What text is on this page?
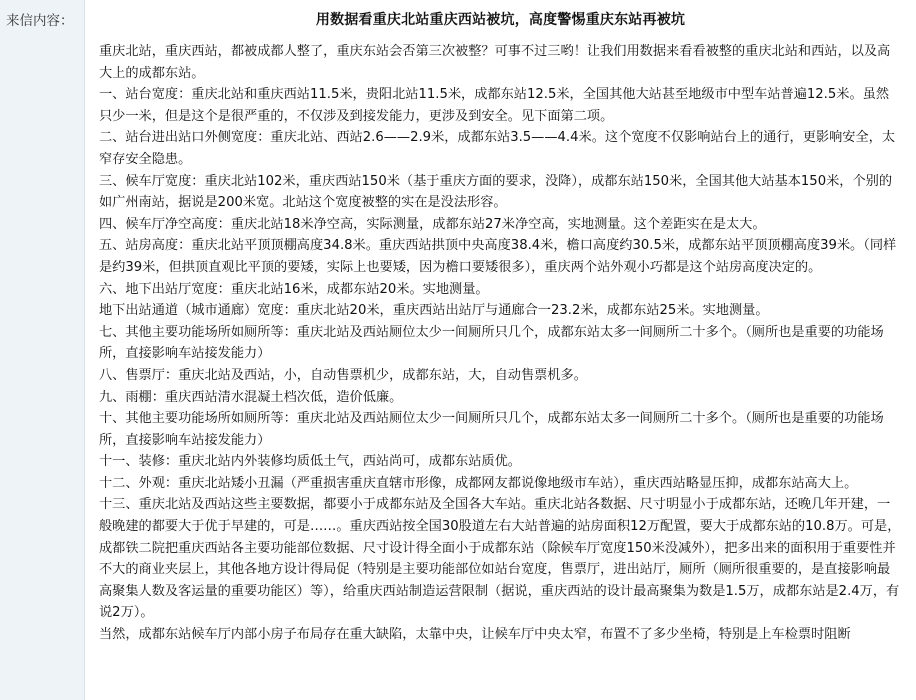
来信内容：	用数据看重庆北站重庆西站被坑，高度警惕重庆东站再被坑

重庆北站，重庆西站，都被成都人整了，重庆东站会否第三次被整？可事不过三哟！让我们用数据来看看被整的重庆北站和西站，以及高大上的成都东站。

一、站台宽度：重庆北站和重庆西站11.5米，贵阳北站11.5米，成都东站12.5米，全国其他大站甚至地级市中型车站普遍12.5米。虽然只少一米，但是这个是很严重的，不仅涉及到接发能力，更涉及到安全。见下面第二项。

二、站台进出站口外侧宽度：重庆北站、西站2.6——2.9米，成都东站3.5——4.4米。这个宽度不仅影响站台上的通行，更影响安全，太窄存安全隐患。

三、候车厅宽度：重庆北站102米，重庆西站150米（基于重庆方面的要求，没降），成都东站150米，全国其他大站基本150米，个别的如广州南站，据说是200米宽。北站这个宽度被整的实在是没法形容。

四、候车厅净空高度：重庆北站18米净空高，实际测量，成都东站27米净空高，实地测量。这个差距实在是太大。

五、站房高度：重庆北站平顶顶棚高度34.8米。重庆西站拱顶中央高度38.4米，檐口高度约30.5米，成都东站平顶顶棚高度39米。（同样是约39米，但拱顶直观比平顶的要矮，实际上也要矮，因为檐口要矮很多），重庆两个站外观小巧都是这个站房高度决定的。

六、地下出站厅宽度：重庆北站16米，成都东站20米。实地测量。

地下出站通道（城市通廊）宽度：重庆北站20米，重庆西站出站厅与通廊合一23.2米，成都东站25米。实地测量。

七、其他主要功能场所如厕所等：重庆北站及西站厕位太少一间厕所只几个，成都东站太多一间厕所二十多个。（厕所也是重要的功能场所，直接影响车站接发能力）

八、售票厅：重庆北站及西站，小，自动售票机少，成都东站，大，自动售票机多。

九、雨棚：重庆西站清水混凝土档次低，造价低廉。

十、其他主要功能场所如厕所等：重庆北站及西站厕位太少一间厕所只几个，成都东站太多一间厕所二十多个。（厕所也是重要的功能场所，直接影响车站接发能力）

十一、装修：重庆北站内外装修均质低土气，西站尚可，成都东站质优。

十二、外观：重庆北站矮小丑漏（严重损害重庆直辖市形像，成都网友都说像地级市车站），重庆西站略显压抑，成都东站高大上。

十三、重庆北站及西站这些主要数据，都要小于成都东站及全国各大车站。重庆北站各数据、尺寸明显小于成都东站，还晚几年开建，一般晚建的都要大于优于早建的，可是……。重庆西站按全国30股道左右大站普遍的站房面积12万配置，要大于成都东站的10.8万。可是，成都铁二院把重庆西站各主要功能部位数据、尺寸设计得全面小于成都东站（除候车厅宽度150米没减外），把多出来的面积用于重要性并不大的商业夹层上，其他各地方设计得局促（特别是主要功能部位如站台宽度，售票厅，进出站厅，厕所（厕所很重要的，是直接影响最高聚集人数及客运量的重要功能区）等），给重庆西站制造运营限制（据说，重庆西站的设计最高聚集为数是1.5万，成都东站是2.4万，有说2万）。

当然，成都东站候车厅内部小房子布局存在重大缺陷，太靠中央，让候车厅中央太窄，布置不了多少坐椅，特别是上车检票时阻断
